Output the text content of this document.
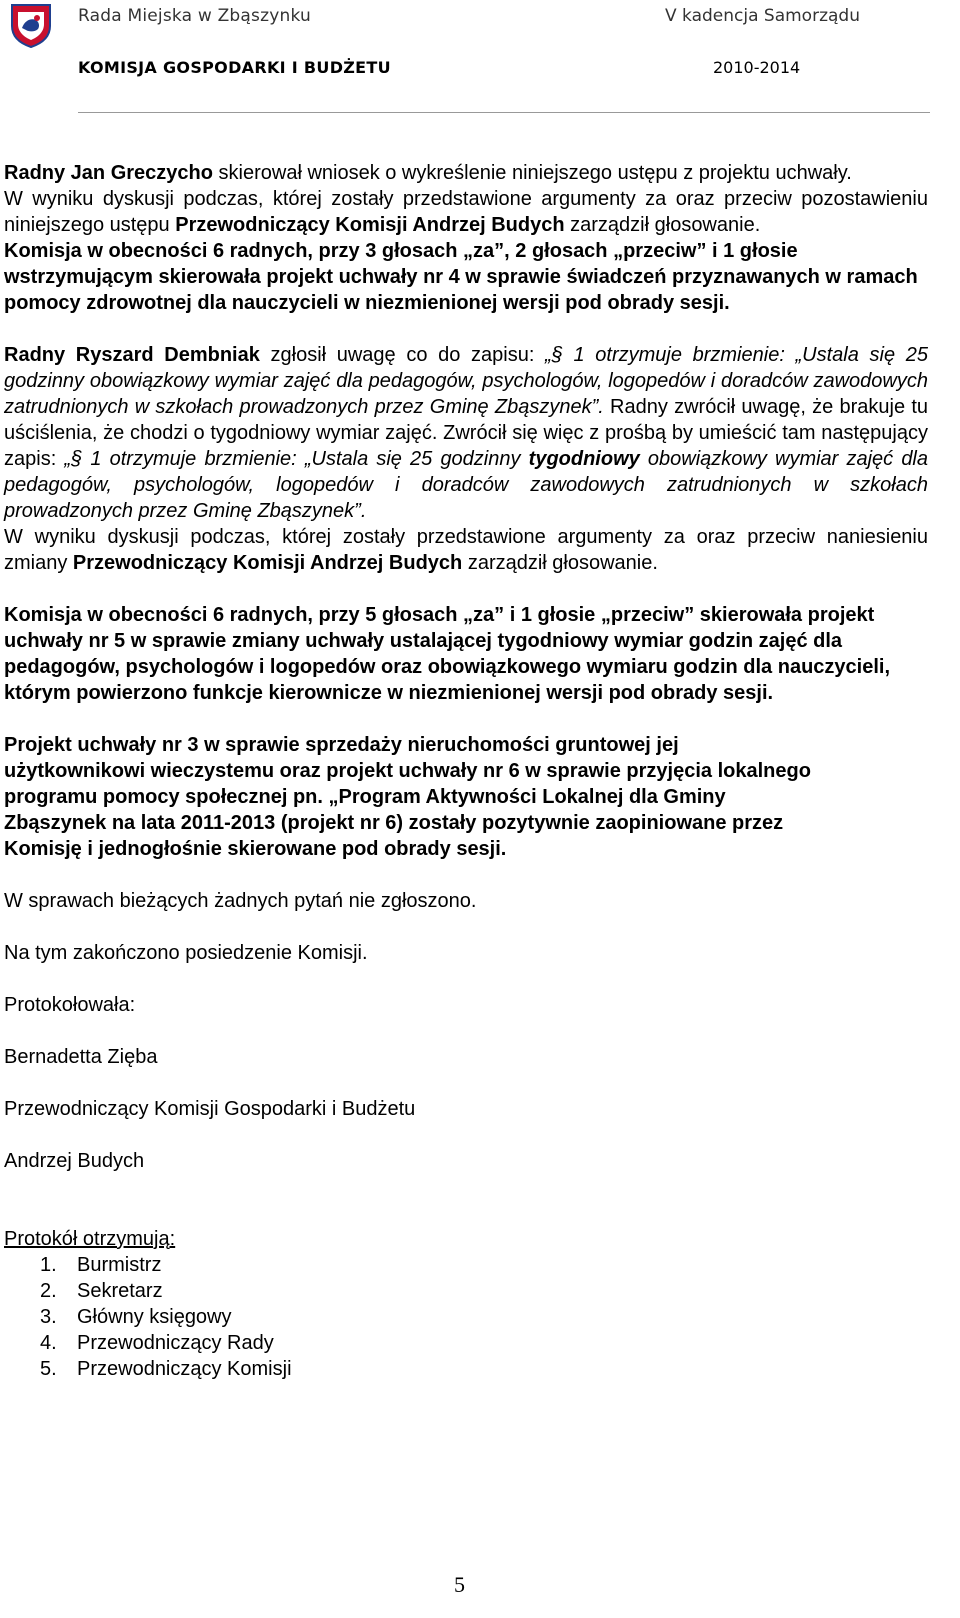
Rada Miejska w Zbąszynku	V kadencja Samorządu
KOMISJA GOSPODARKI I BUDŻETU	2010-2014

Radny Jan Greczycho skierował wniosek o wykreślenie niniejszego ustępu z projektu uchwały.

W wyniku dyskusji podczas, której zostały przedstawione argumenty za oraz przeciw pozostawieniu niniejszego ustępu Przewodniczący Komisji Andrzej Budych zarządził głosowanie.

Komisja w obecności 6 radnych, przy 3 głosach „za”, 2 głosach „przeciw” i 1 głosie wstrzymującym skierowała projekt uchwały nr 4 w sprawie świadczeń przyznawanych w ramach pomocy zdrowotnej dla nauczycieli w niezmienionej wersji pod obrady sesji.

Radny Ryszard Dembniak zgłosił uwagę co do zapisu: „§ 1 otrzymuje brzmienie: „Ustala się 25 godzinny obowiązkowy wymiar zajęć dla pedagogów, psychologów, logopedów i doradców zawodowych zatrudnionych w szkołach prowadzonych przez Gminę Zbąszynek”. Radny zwrócił uwagę, że brakuje tu uściślenia, że chodzi o tygodniowy wymiar zajęć. Zwrócił się więc z prośbą by umieścić tam następujący zapis: „§ 1 otrzymuje brzmienie: „Ustala się 25 godzinny tygodniowy obowiązkowy wymiar zajęć dla pedagogów, psychologów, logopedów i doradców zawodowych zatrudnionych w szkołach prowadzonych przez Gminę Zbąszynek”.

W wyniku dyskusji podczas, której zostały przedstawione argumenty za oraz przeciw naniesieniu zmiany Przewodniczący Komisji Andrzej Budych zarządził głosowanie.

Komisja w obecności 6 radnych, przy 5 głosach „za” i 1 głosie „przeciw” skierowała projekt uchwały nr 5 w sprawie zmiany uchwały ustalającej tygodniowy wymiar godzin zajęć dla pedagogów, psychologów i logopedów oraz obowiązkowego wymiaru godzin dla nauczycieli, którym powierzono funkcje kierownicze w niezmienionej wersji pod obrady sesji.

Projekt uchwały nr 3 w sprawie sprzedaży nieruchomości gruntowej jej
użytkownikowi wieczystemu oraz projekt uchwały nr 6 w sprawie przyjęcia lokalnego
programu pomocy społecznej pn. „Program Aktywności Lokalnej dla Gminy
Zbąszynek na lata 2011-2013 (projekt nr 6) zostały pozytywnie zaopiniowane przez
Komisję i jednogłośnie skierowane pod obrady sesji.

W sprawach bieżących żadnych pytań nie zgłoszono.

Na tym zakończono posiedzenie Komisji.

Protokołowała:

Bernadetta Zięba

Przewodniczący Komisji Gospodarki i Budżetu

Andrzej Budych

Protokół otrzymują:

1. Burmistrz
2. Sekretarz
3. Główny księgowy
4. Przewodniczący Rady
5. Przewodniczący Komisji
5
